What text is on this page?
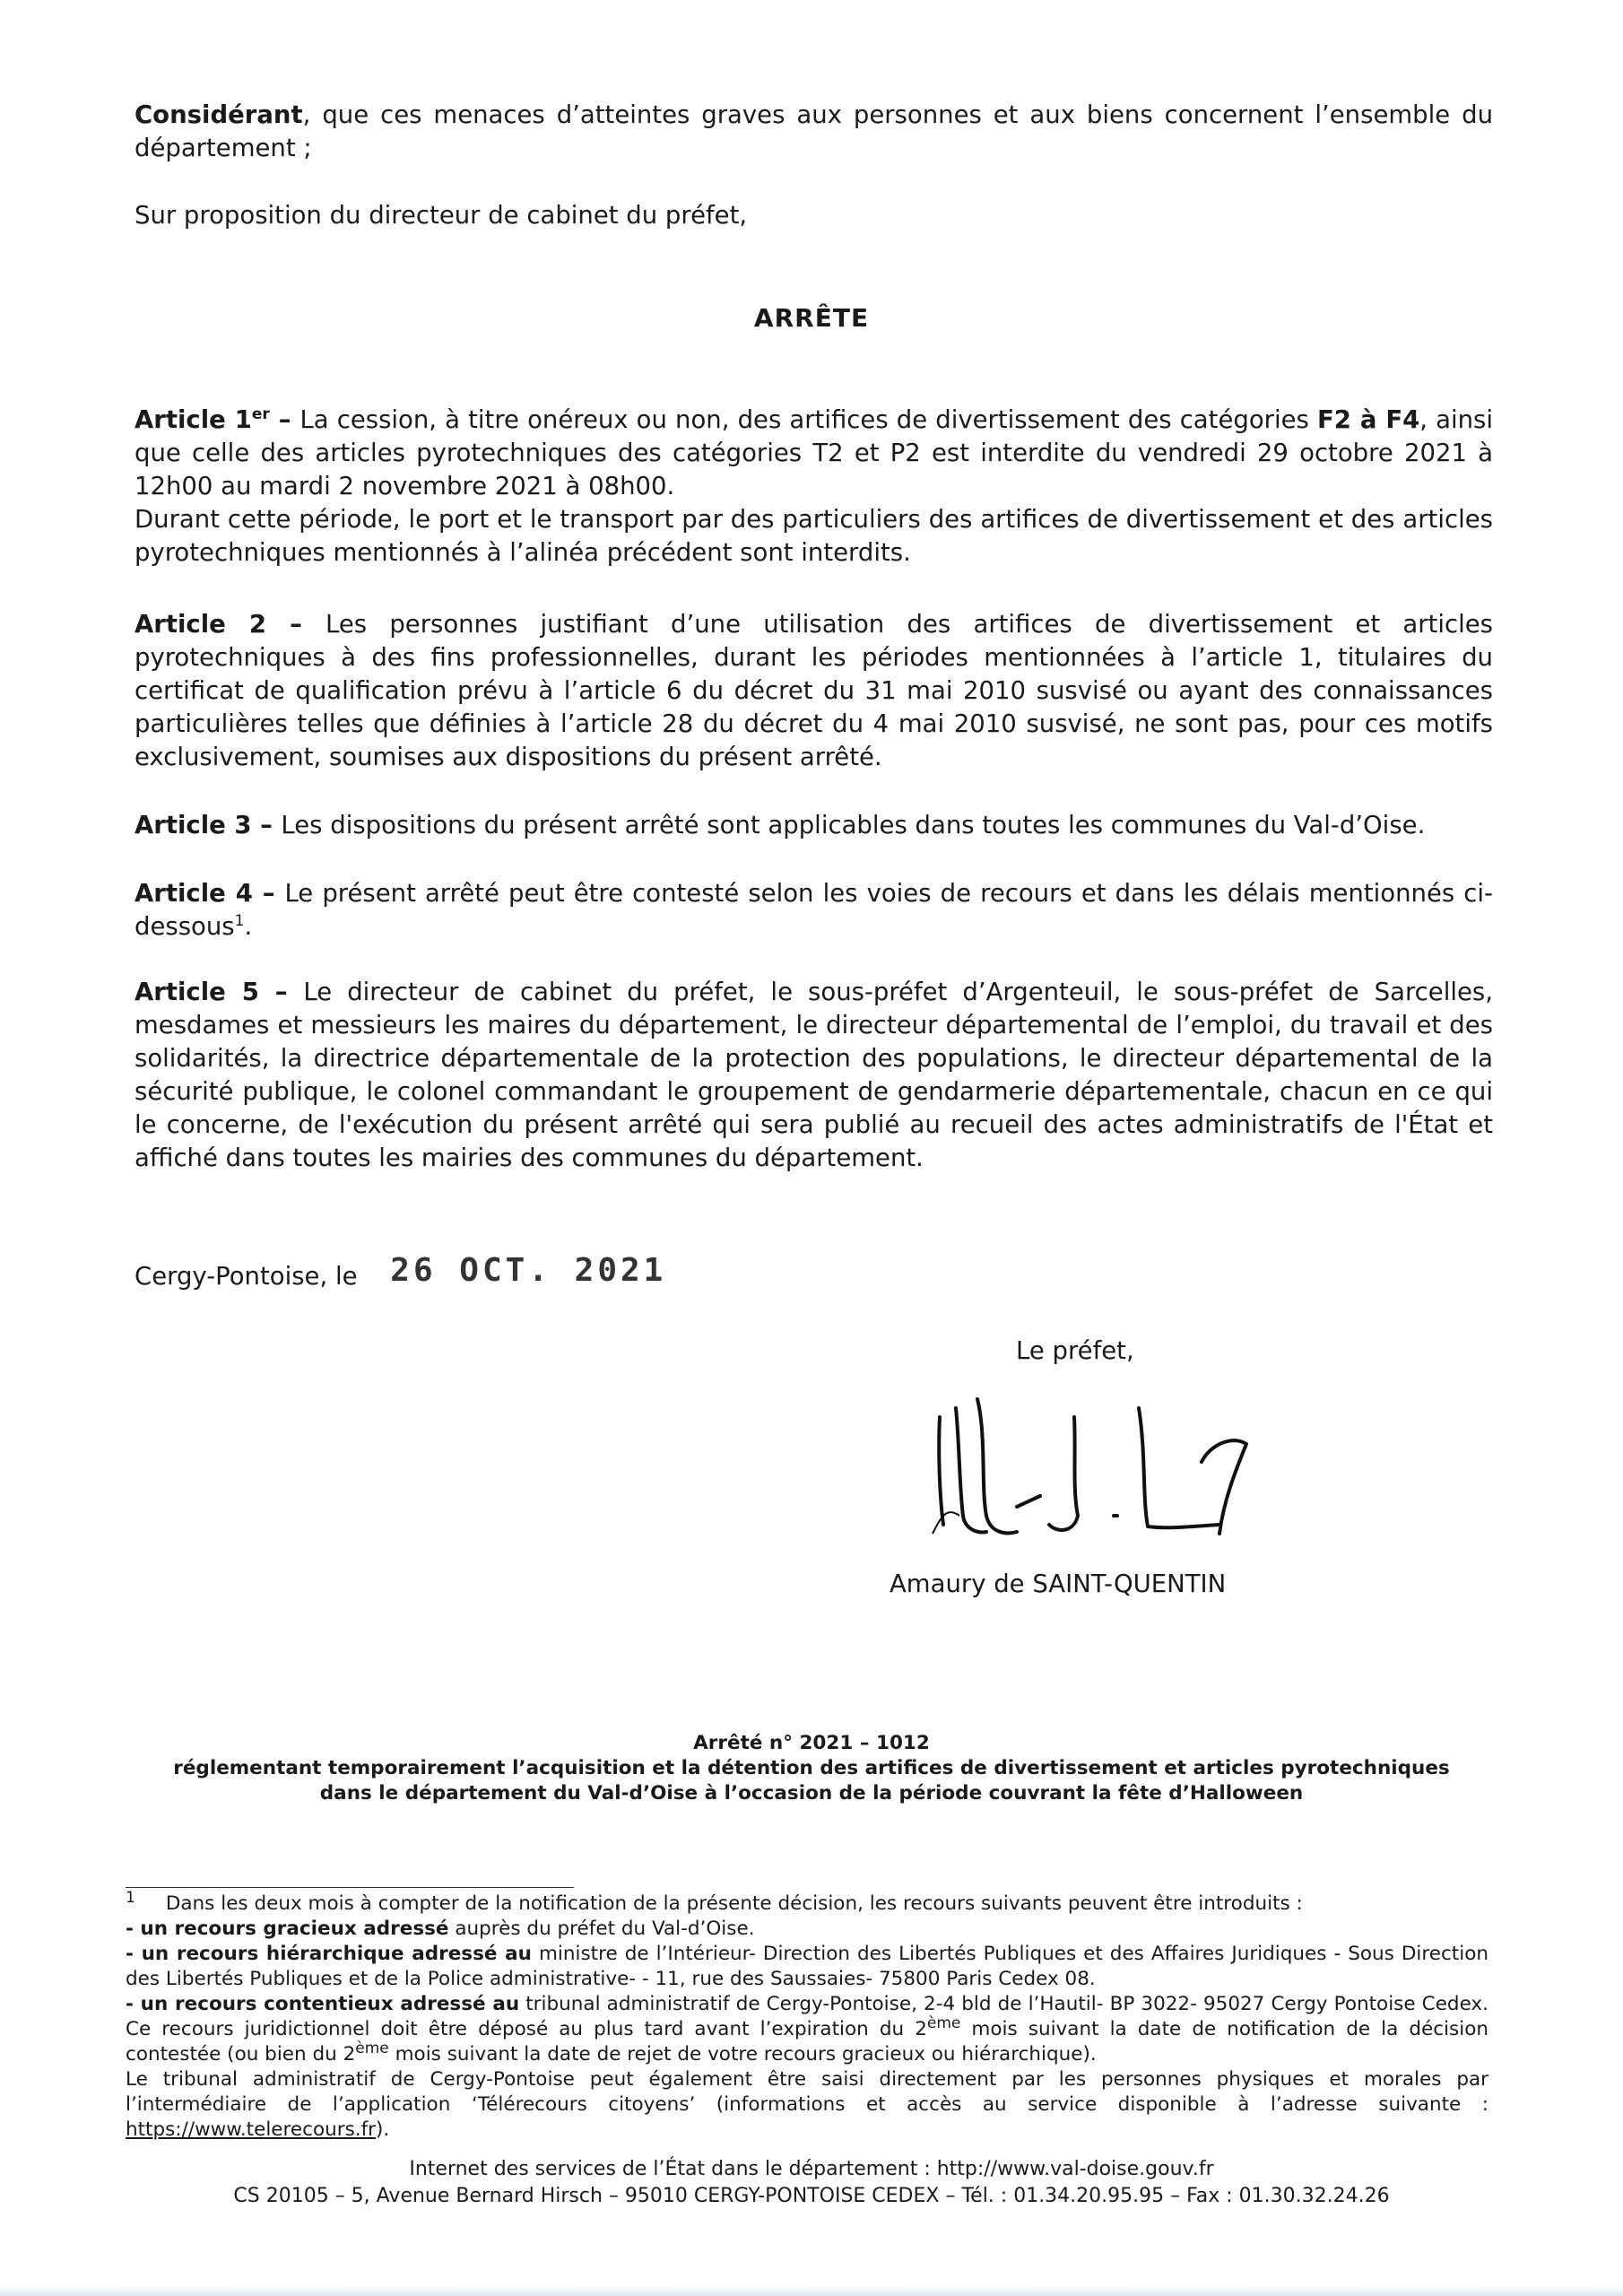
Considérant, que ces menaces d’atteintes graves aux personnes et aux biens concernent l’ensemble du département ;
Sur proposition du directeur de cabinet du préfet,
ARRÊTE
Article 1er – La cession, à titre onéreux ou non, des artifices de divertissement des catégories F2 à F4, ainsi que celle des articles pyrotechniques des catégories T2 et P2 est interdite du vendredi 29 octobre 2021 à 12h00 au mardi 2 novembre 2021 à 08h00.
Durant cette période, le port et le transport par des particuliers des artifices de divertissement et des articles pyrotechniques mentionnés à l’alinéa précédent sont interdits.
Article 2 – Les personnes justifiant d’une utilisation des artifices de divertissement et articles pyrotechniques à des fins professionnelles, durant les périodes mentionnées à l’article 1, titulaires du certificat de qualification prévu à l’article 6 du décret du 31 mai 2010 susvisé ou ayant des connaissances particulières telles que définies à l’article 28 du décret du 4 mai 2010 susvisé, ne sont pas, pour ces motifs exclusivement, soumises aux dispositions du présent arrêté.
Article 3 – Les dispositions du présent arrêté sont applicables dans toutes les communes du Val-d’Oise.
Article 4 – Le présent arrêté peut être contesté selon les voies de recours et dans les délais mentionnés ci-dessous$^1$.
Article 5 – Le directeur de cabinet du préfet, le sous-préfet d’Argenteuil, le sous-préfet de Sarcelles, mesdames et messieurs les maires du département, le directeur départemental de l’emploi, du travail et des solidarités, la directrice départementale de la protection des populations, le directeur départemental de la sécurité publique, le colonel commandant le groupement de gendarmerie départementale, chacun en ce qui le concerne, de l'exécution du présent arrêté qui sera publié au recueil des actes administratifs de l'État et affiché dans toutes les mairies des communes du département.
Cergy-Pontoise, le 26 OCT. 2021
Le préfet,
Amaury de SAINT-QUENTIN
Arrêté n° 2021 – 1012
réglementant temporairement l’acquisition et la détention des artifices de divertissement et articles pyrotechniques
dans le département du Val-d’Oise à l’occasion de la période couvrant la fête d’Halloween

$^1$ Dans les deux mois à compter de la notification de la présente décision, les recours suivants peuvent être introduits :

- un recours gracieux adressé auprès du préfet du Val-d’Oise.

- un recours hiérarchique adressé au ministre de l’Intérieur- Direction des Libertés Publiques et des Affaires Juridiques - Sous Direction des Libertés Publiques et de la Police administrative- - 11, rue des Saussaies- 75800 Paris Cedex 08.

- un recours contentieux adressé au tribunal administratif de Cergy-Pontoise, 2-4 bld de l’Hautil- BP 3022- 95027 Cergy Pontoise Cedex. Ce recours juridictionnel doit être déposé au plus tard avant l’expiration du 2ème mois suivant la date de notification de la décision contestée (ou bien du 2ème mois suivant la date de rejet de votre recours gracieux ou hiérarchique).

Le tribunal administratif de Cergy-Pontoise peut également être saisi directement par les personnes physiques et morales par l’intermédiaire de l’application ‘Télérecours citoyens’ (informations et accès au service disponible à l’adresse suivante : https://www.telerecours.fr).

Internet des services de l’État dans le département : http://www.val-doise.gouv.fr
CS 20105 – 5, Avenue Bernard Hirsch – 95010 CERGY-PONTOISE CEDEX – Tél. : 01.34.20.95.95 – Fax : 01.30.32.24.26
